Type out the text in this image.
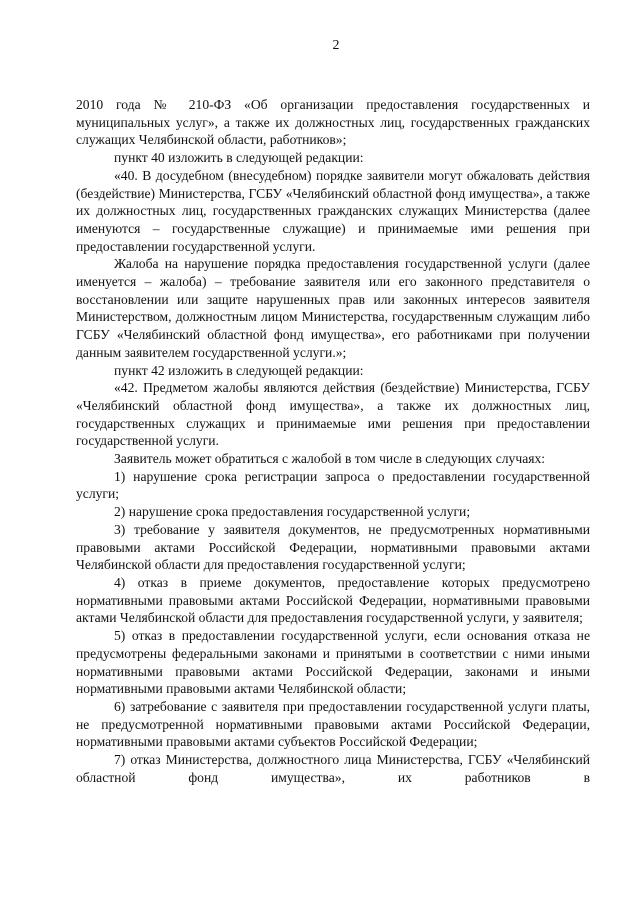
2

2010 года № 210-ФЗ «Об организации предоставления государственных и муниципальных услуг», а также их должностных лиц, государственных гражданских служащих Челябинской области, работников»;

пункт 40 изложить в следующей редакции:

«40. В досудебном (внесудебном) порядке заявители могут обжаловать действия (бездействие) Министерства, ГСБУ «Челябинский областной фонд имущества», а также их должностных лиц, государственных гражданских служащих Министерства (далее именуются – государственные служащие) и принимаемые ими решения при предоставлении государственной услуги.

Жалоба на нарушение порядка предоставления государственной услуги (далее именуется – жалоба) – требование заявителя или его законного представителя о восстановлении или защите нарушенных прав или законных интересов заявителя Министерством, должностным лицом Министерства, государственным служащим либо ГСБУ «Челябинский областной фонд имущества», его работниками при получении данным заявителем государственной услуги.»;

пункт 42 изложить в следующей редакции:

«42. Предметом жалобы являются действия (бездействие) Министерства, ГСБУ «Челябинский областной фонд имущества», а также их должностных лиц, государственных служащих и принимаемые ими решения при предоставлении государственной услуги.

Заявитель может обратиться с жалобой в том числе в следующих случаях:

1) нарушение срока регистрации запроса о предоставлении государственной услуги;

2) нарушение срока предоставления государственной услуги;

3) требование у заявителя документов, не предусмотренных нормативными правовыми актами Российской Федерации, нормативными правовыми актами Челябинской области для предоставления государственной услуги;

4) отказ в приеме документов, предоставление которых предусмотрено нормативными правовыми актами Российской Федерации, нормативными правовыми актами Челябинской области для предоставления государственной услуги, у заявителя;

5) отказ в предоставлении государственной услуги, если основания отказа не предусмотрены федеральными законами и принятыми в соответствии с ними иными нормативными правовыми актами Российской Федерации, законами и иными нормативными правовыми актами Челябинской области;

6) затребование с заявителя при предоставлении государственной услуги платы, не предусмотренной нормативными правовыми актами Российской Федерации, нормативными правовыми актами субъектов Российской Федерации;

7) отказ Министерства, должностного лица Министерства, ГСБУ «Челябинский областной фонд имущества», их работников в
